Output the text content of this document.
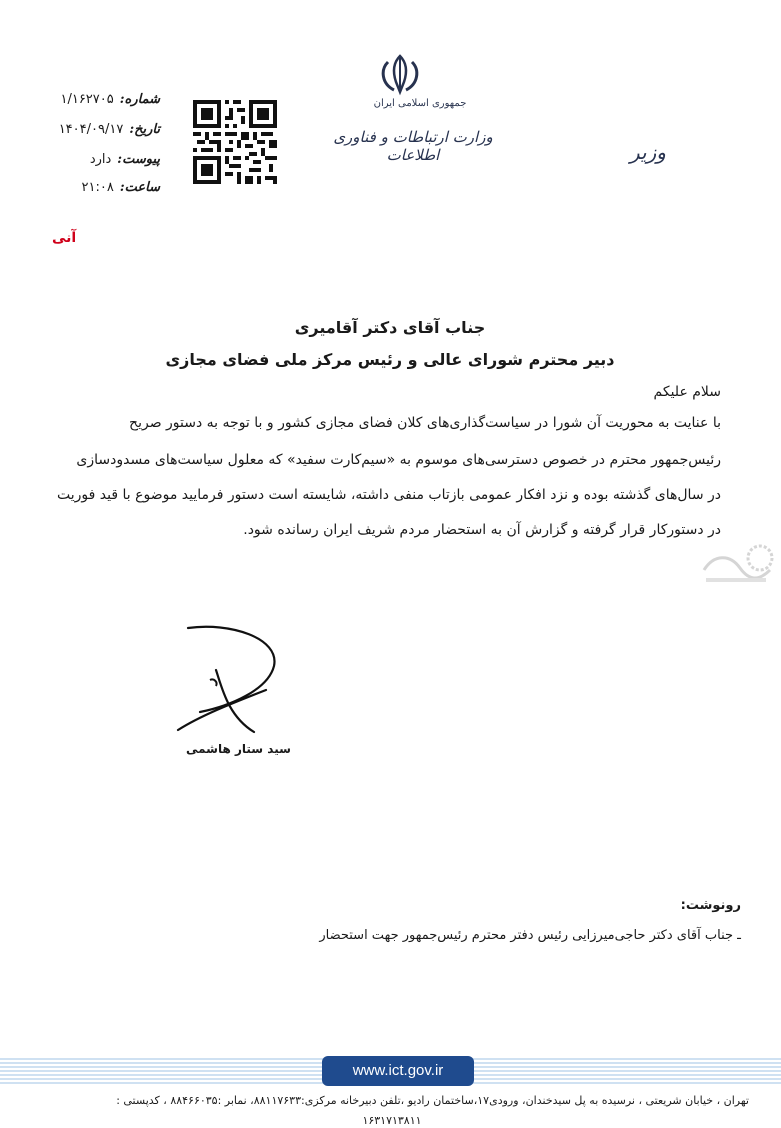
جمهوری اسلامی ایران
وزارت ارتباطات و فناوری اطلاعات	وزیر
شماره:۱/۱۶۲۷۰۵
تاریخ:۱۴۰۴/۰۹/۱۷
پیوست:دارد
ساعت:۲۱:۰۸
آنی
جناب آقای دکتر آقامیری
دبیر محترم شورای عالی و رئیس مرکز ملی فضای مجازی
سلام علیکم
با عنایت به محوریت آن شورا در سیاست‌گذاری‌های کلان فضای مجازی کشور و با توجه به دستور صریح
رئیس‌جمهور محترم در خصوص دسترسی‌های موسوم به «سیم‌کارت سفید» که معلول سیاست‌های مسدودسازی
در سال‌های گذشته بوده و نزد افکار عمومی بازتاب منفی داشته، شایسته است دستور فرمایید موضوع با قید فوریت
در دستورکار قرار گرفته و گزارش آن به استحضار مردم شریف ایران رسانده شود.
سید ستار هاشمی
رونوشت:
ـ جناب آقای دکتر حاجی‌میرزایی رئیس دفتر محترم رئیس‌جمهور جهت استحضار
www.ict.gov.ir
تهران ، خیابان شریعتی ، نرسیده به پل سیدخندان، ورودی۱۷،ساختمان رادیو ،تلفن دبیرخانه مرکزی:۸۸۱۱۷۶۳۳، نمابر :۸۸۴۶۶۰۳۵ ، کدپستی :
۱۶۳۱۷۱۳۸۱۱
